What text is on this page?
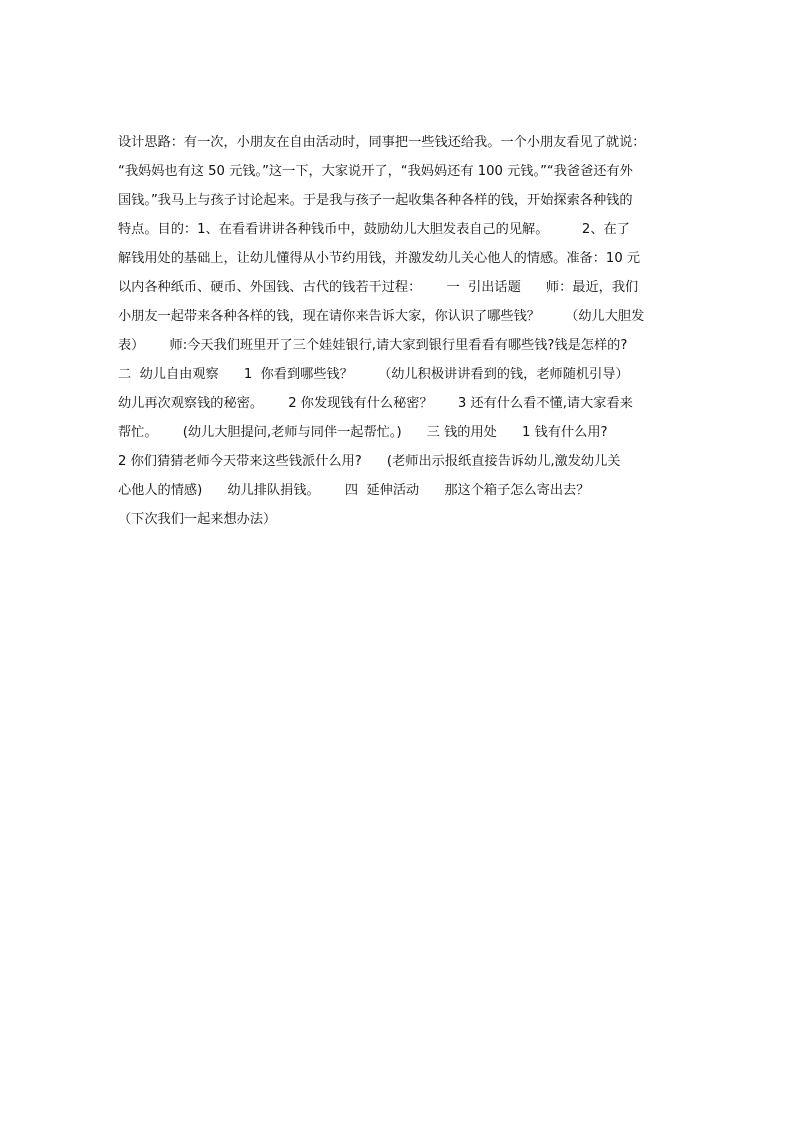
设计思路：有一次，小朋友在自由活动时，同事把一些钱还给我。一个小朋友看见了就说：
“我妈妈也有这 50 元钱。”这一下，大家说开了，“我妈妈还有 100 元钱。”“我爸爸还有外
国钱。”我马上与孩子讨论起来。于是我与孩子一起收集各种各样的钱，开始探索各种钱的
特点。目的：1、在看看讲讲各种钱币中，鼓励幼儿大胆发表自己的见解。        2、在了
解钱用处的基础上，让幼儿懂得从小节约用钱，并激发幼儿关心他人的情感。准备：10 元
以内各种纸币、硬币、外国钱、古代的钱若干过程：      一  引出话题      师：最近，我们
小朋友一起带来各种各样的钱，现在请你来告诉大家，你认识了哪些钱？      （幼儿大胆发
表）      师:今天我们班里开了三个娃娃银行,请大家到银行里看看有哪些钱?钱是怎样的?
二  幼儿自由观察      1  你看到哪些钱？      （幼儿积极讲讲看到的钱，老师随机引导）
幼儿再次观察钱的秘密。      2 你发现钱有什么秘密？      3 还有什么看不懂,请大家看来
帮忙。      (幼儿大胆提问,老师与同伴一起帮忙。)      三 钱的用处      1 钱有什么用?
2 你们猜猜老师今天带来这些钱派什么用?      (老师出示报纸直接告诉幼儿,激发幼儿关
心他人的情感)      幼儿排队捐钱。      四  延伸活动      那这个箱子怎么寄出去？
（下次我们一起来想办法）
